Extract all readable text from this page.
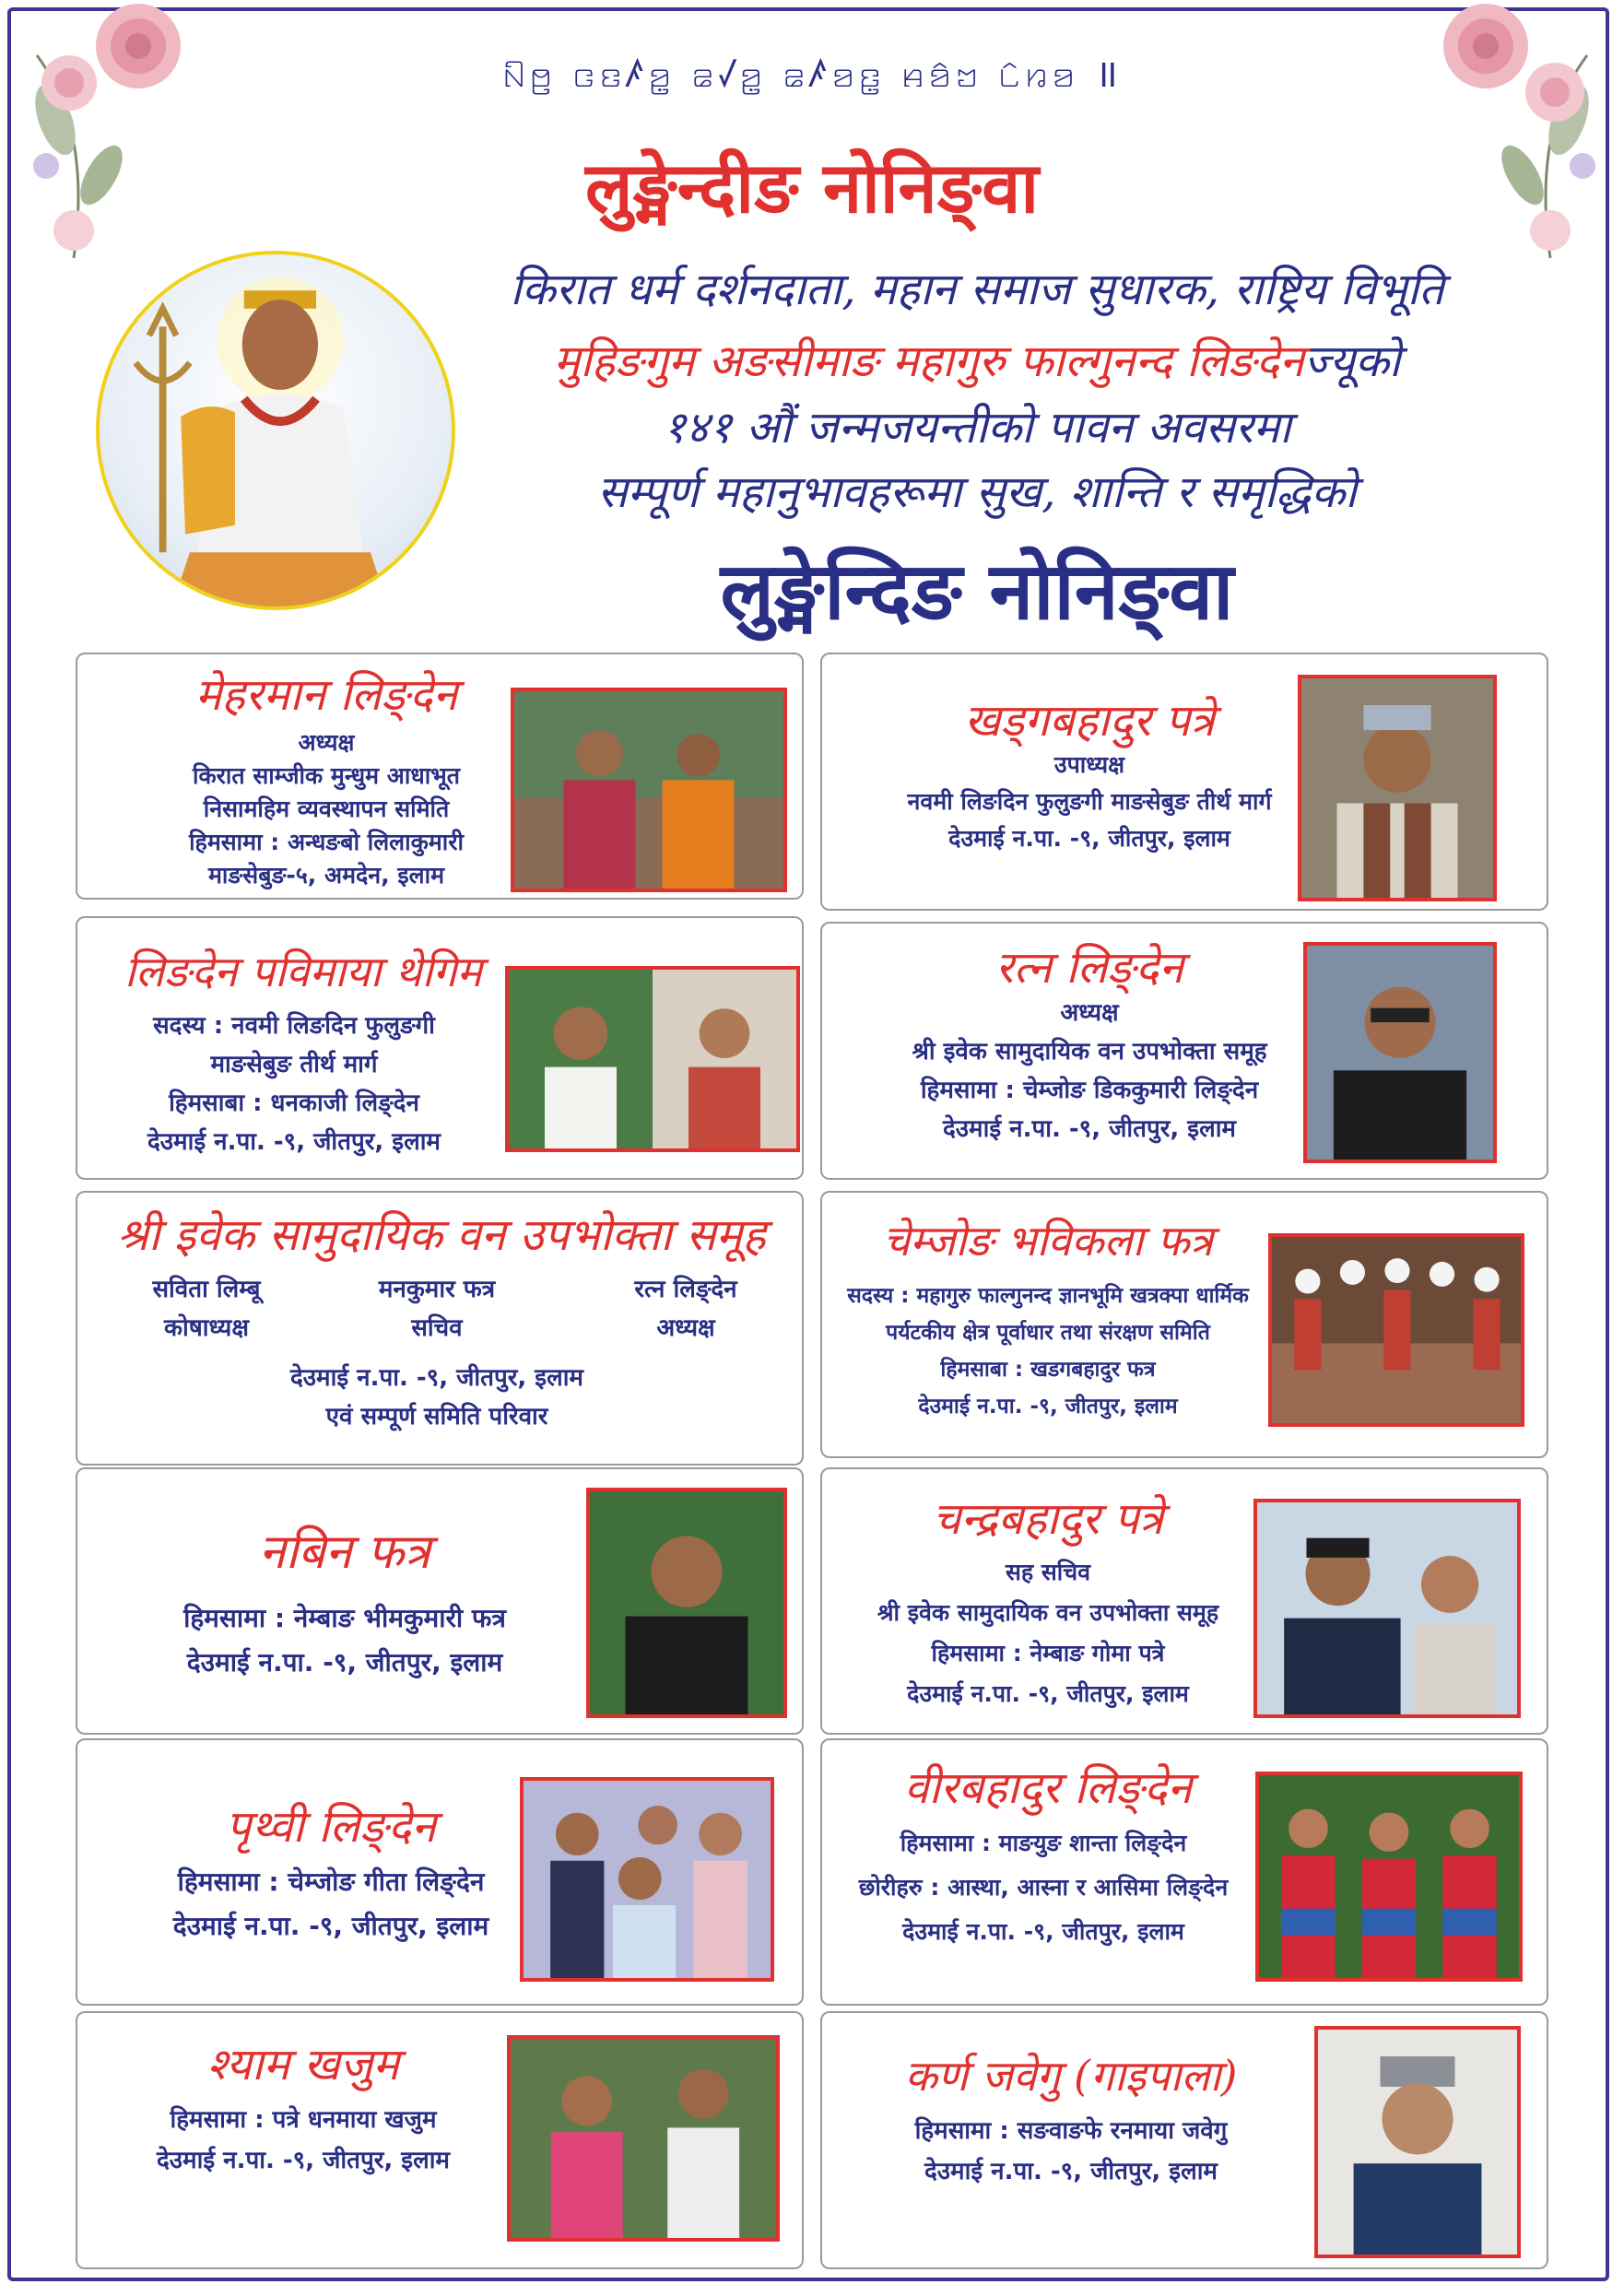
ꤡꤥ꤬ ꤍꤢꤰꤤ꤭ ꤘꤶꤤ꤭ ꤘꤰꤤꤢ꤭ ꤌꤤꤨꤠ ꤈ꤨꤙꤤ ॥
लुङ्मेन्दीङ नोनिङ्वा
किरात धर्म दर्शनदाता, महान समाज सुधारक, राष्ट्रिय विभूति
मुहिङगुम अङसीमाङ महागुरु फाल्गुनन्द लिङदेनज्यूको
१४१ औं जन्मजयन्तीको पावन अवसरमा
सम्पूर्ण महानुभावहरूमा सुख, शान्ति र समृद्धिको
लुङ्मेन्दिङ नोनिङ्वा
मेहरमान लिङ्देन
अध्यक्ष
किरात साम्जीक मुन्धुम आधाभूत
निसामहिम व्यवस्थापन समिति
हिमसामा : अन्धङबो लिलाकुमारी
माङसेबुङ-५, अमदेन, इलाम
खड्गबहादुर पत्रे
उपाध्यक्ष
नवमी लिङदिन फुलुङगी माङसेबुङ तीर्थ मार्ग
देउमाई न.पा. -९, जीतपुर, इलाम
लिङदेन पविमाया थेगिम
सदस्य : नवमी लिङदिन फुलुङगी
माङसेबुङ तीर्थ मार्ग
हिमसाबा : धनकाजी लिङ्देन
देउमाई न.पा. -९, जीतपुर, इलाम
रत्न लिङ्देन
अध्यक्ष
श्री इवेक सामुदायिक वन उपभोक्ता समूह
हिमसामा : चेम्जोङ डिककुमारी लिङ्देन
देउमाई न.पा. -९, जीतपुर, इलाम
श्री इवेक सामुदायिक वन उपभोक्ता समूह
सविता लिम्बू
कोषाध्यक्ष
मनकुमार फत्र
सचिव
रत्न लिङ्देन
अध्यक्ष
देउमाई न.पा. -९, जीतपुर, इलाम
एवं सम्पूर्ण समिति परिवार
चेम्जोङ भविकला फत्र
सदस्य : महागुरु फाल्गुनन्द ज्ञानभूमि खत्रक्पा धार्मिक
पर्यटकीय क्षेत्र पूर्वाधार तथा संरक्षण समिति
हिमसाबा : खडगबहादुर फत्र
देउमाई न.पा. -९, जीतपुर, इलाम
नबिन फत्र
हिमसामा : नेम्बाङ भीमकुमारी फत्र
देउमाई न.पा. -९, जीतपुर, इलाम
चन्द्रबहादुर पत्रे
सह सचिव
श्री इवेक सामुदायिक वन उपभोक्ता समूह
हिमसामा : नेम्बाङ गोमा पत्रे
देउमाई न.पा. -९, जीतपुर, इलाम
पृथ्वी लिङ्देन
हिमसामा : चेम्जोङ गीता लिङ्देन
देउमाई न.पा. -९, जीतपुर, इलाम
वीरबहादुर लिङ्देन
हिमसामा : माङयुङ शान्ता लिङ्देन
छोरीहरु : आस्था, आस्ना र आसिमा लिङ्देन
देउमाई न.पा. -९, जीतपुर, इलाम
श्याम खजुम
हिमसामा : पत्रे धनमाया खजुम
देउमाई न.पा. -९, जीतपुर, इलाम
कर्ण जवेगु (गाइपाला)
हिमसामा : सङवाङफे रनमाया जवेगु
देउमाई न.पा. -९, जीतपुर, इलाम
